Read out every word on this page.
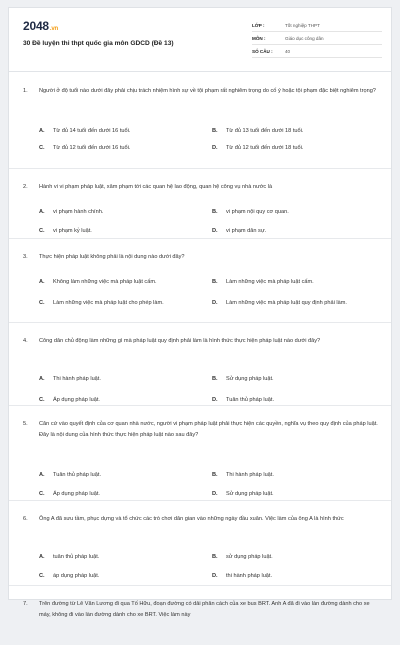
2048.vn
30 Đề luyện thi thpt quốc gia môn GDCD (Đề 13)
LỚP :	Tốt nghiệp THPT
MÔN :	Giáo dục công dân
SỐ CÂU :	40
1. Người ở độ tuổi nào dưới đây phải chịu trách nhiệm hình sự về tội phạm rất nghiêm trọng do cố ý hoặc tội phạm đặc biệt nghiêm trọng?
A.	Từ đủ 14 tuổi đến dưới 16 tuổi.	B.	Từ đủ 13 tuổi đến dưới 18 tuổi.
C.	Từ đủ 12 tuổi đến dưới 16 tuổi.	D.	Từ đủ 12 tuổi đến dưới 18 tuổi.
2. Hành vi vi phạm pháp luật, xâm phạm tới các quan hệ lao động, quan hệ công vụ nhà nước là
A.	vi phạm hành chính.	B.	vi phạm nội quy cơ quan.
C.	vi phạm kỷ luật.	D.	vi phạm dân sự.
3. Thực hiện pháp luật không phải là nội dung nào dưới đây?
A.	Không làm những việc mà pháp luật cấm.	B.	Làm những việc mà pháp luật cấm.
C.	Làm những việc mà pháp luật cho phép làm.	D.	Làm những việc mà pháp luật quy định phải làm.
4. Công dân chủ động làm những gì mà pháp luật quy định phải làm là hình thức thực hiện pháp luật nào dưới đây?
A.	Thi hành pháp luật.	B.	Sử dụng pháp luật.
C.	Áp dụng pháp luật.	D.	Tuân thủ pháp luật.
5. Căn cứ vào quyết định của cơ quan nhà nước, người vi phạm pháp luật phải thực hiện các quyền, nghĩa vụ theo quy định của pháp luật. Đây là nội dung của hình thức thực hiện pháp luật nào sau đây?
A.	Tuân thủ pháp luật.	B.	Thi hành pháp luật.
C.	Áp dụng pháp luật.	D.	Sử dụng pháp luật.
6. Ông A đã sưu tầm, phục dựng và tổ chức các trò chơi dân gian vào những ngày đầu xuân. Việc làm của ông A là hình thức
A.	tuân thủ pháp luật.	B.	sử dụng pháp luật.
C.	áp dụng pháp luật.	D.	thi hành pháp luật.
7. Trên đường từ Lê Văn Lương đi qua Tố Hữu, đoạn đường có dải phân cách của xe bus BRT. Anh A đã đi vào làn đường dành cho xe máy, không đi vào làn đường dành cho xe BRT. Việc làm này
